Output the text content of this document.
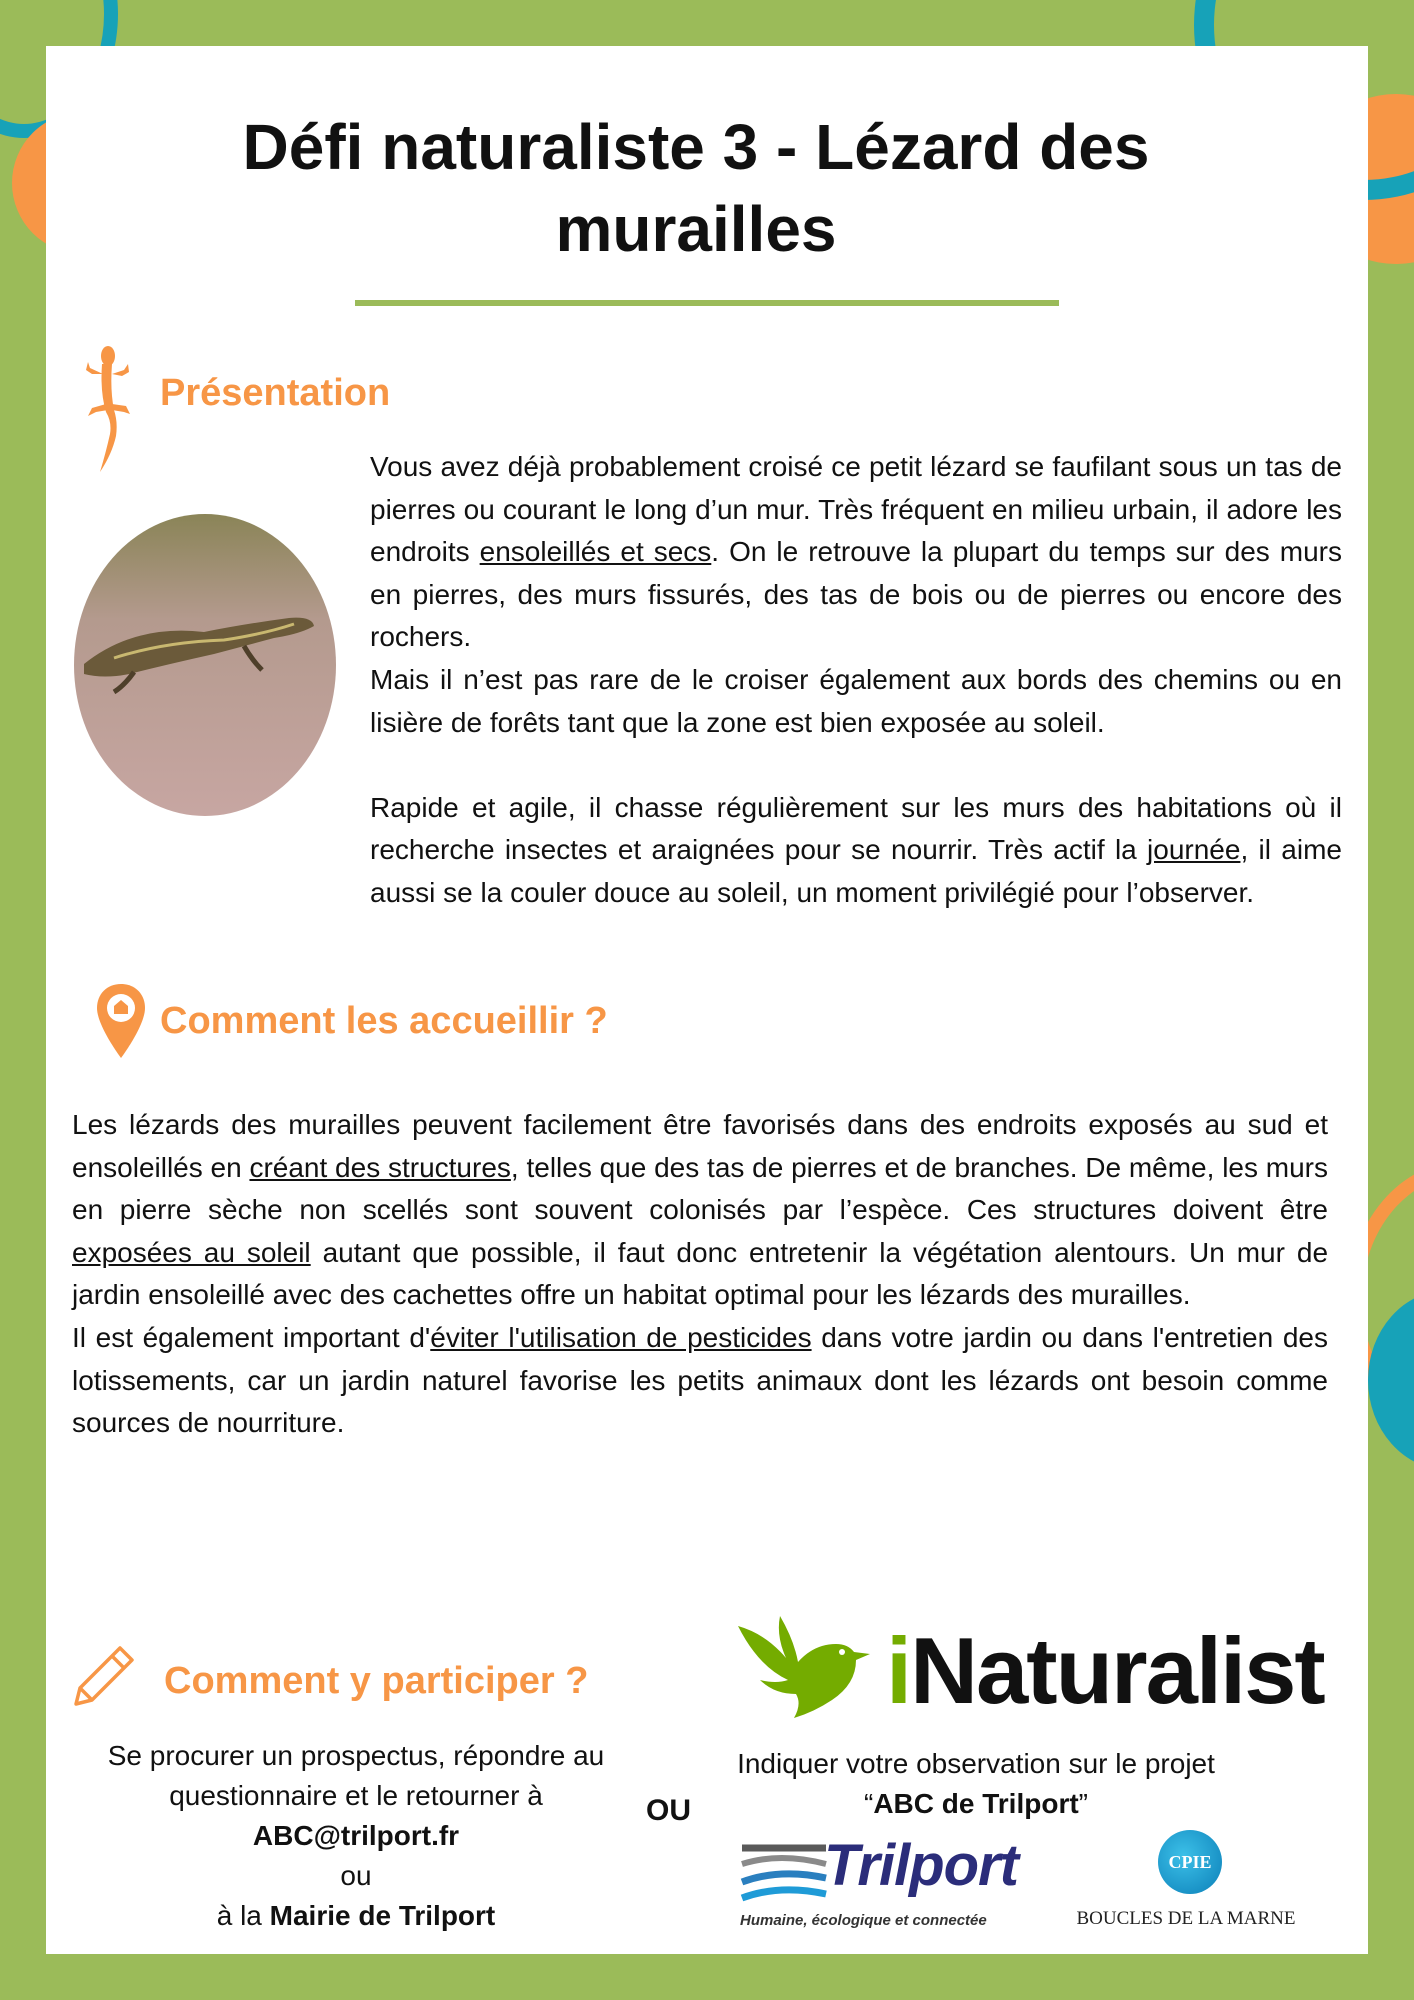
Défi naturaliste 3 - Lézard des murailles
Présentation

Vous avez déjà probablement croisé ce petit lézard se faufilant sous un tas de pierres ou courant le long d’un mur. Très fréquent en milieu urbain, il adore les endroits ensoleillés et secs. On le retrouve la plupart du temps sur des murs en pierres, des murs fissurés, des tas de bois ou de pierres ou encore des rochers.

Mais il n’est pas rare de le croiser également aux bords des chemins ou en lisière de forêts tant que la zone est bien exposée au soleil.

Rapide et agile, il chasse régulièrement sur les murs des habitations où il recherche insectes et araignées pour se nourrir. Très actif la journée, il aime aussi se la couler douce au soleil, un moment privilégié pour l’observer.

Comment les accueillir ?

Les lézards des murailles peuvent facilement être favorisés dans des endroits exposés au sud et ensoleillés en créant des structures, telles que des tas de pierres et de branches. De même, les murs en pierre sèche non scellés sont souvent colonisés par l’espèce. Ces structures doivent être exposées au soleil autant que possible, il faut donc entretenir la végétation alentours. Un mur de jardin ensoleillé avec des cachettes offre un habitat optimal pour les lézards des murailles.

Il est également important d'éviter l'utilisation de pesticides dans votre jardin ou dans l'entretien des lotissements, car un jardin naturel favorise les petits animaux dont les lézards ont besoin comme sources de nourriture.

Comment y participer ?
Se procurer un prospectus, répondre au
questionnaire et le retourner à
ABC@trilport.fr
ou
à la Mairie de Trilport
OU
iNaturalist
Indiquer votre observation sur le projet
“ABC de Trilport”
Trilport
Humaine, écologique et connectée
CPIE
BOUCLES DE LA MARNE
